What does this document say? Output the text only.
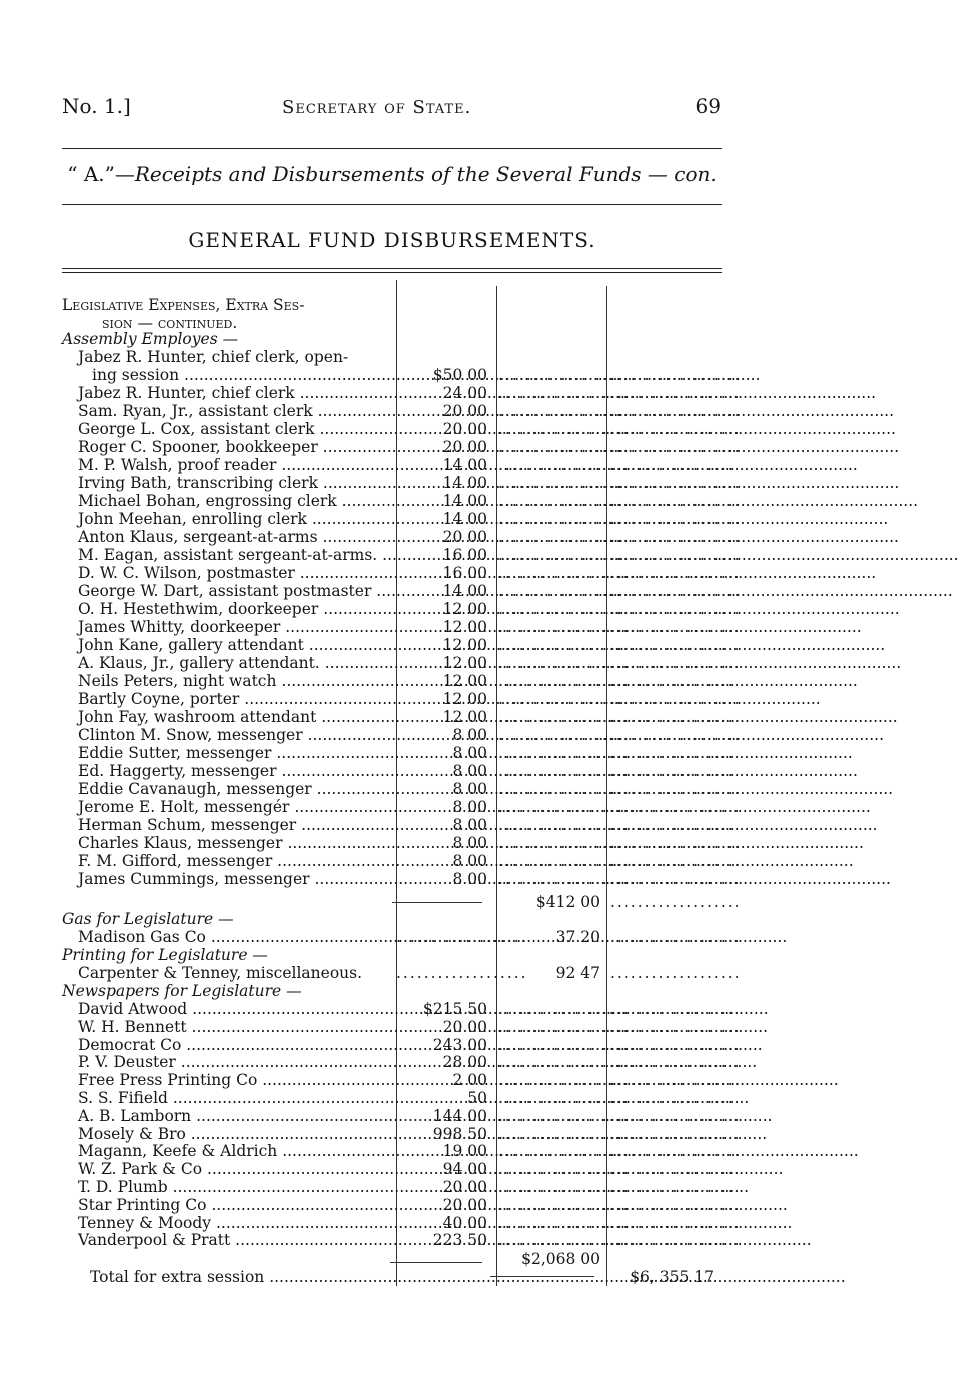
No. 1.]	Secretary of State.	69
“ A.”—Receipts and Disbursements of the Several Funds — con.
GENERAL FUND DISBURSEMENTS.
Legislative Expenses, Extra Ses-
sion — continued.
Assembly Employes —
Jabez R. Hunter, chief clerk, open-
ing session .....	$50 00 ...................
...................
Jabez R. Hunter, chief clerk .....	24 00 ...................
...................
Sam. Ryan, Jr., assistant clerk .....	20 00 ...................
...................
George L. Cox, assistant clerk .....	20 00 ...................
...................
Roger C. Spooner, bookkeeper .....	20 00 ...................
...................
M. P. Walsh, proof reader .....	14 00 ...................
...................
Irving Bath, transcribing clerk .....	14 00 ...................
...................
Michael Bohan, engrossing clerk .....	14 00 ...................
...................
John Meehan, enrolling clerk .....	14 00 ...................
...................
Anton Klaus, sergeant-at-arms .....	20 00 ...................
...................
M. Eagan, assistant sergeant-at-arms. .....	16 00 ...................
...................
D. W. C. Wilson, postmaster .....	16 00 ...................
...................
George W. Dart, assistant postmaster .....	14 00 ...................
...................
O. H. Hestethwim, doorkeeper .....	12 00 ...................
...................
James Whitty, doorkeeper .....	12 00 ...................
...................
John Kane, gallery attendant .....	12 00 ...................
...................
A. Klaus, Jr., gallery attendant. .....	12 00 ...................
...................
Neils Peters, night watch .....	12 00 ...................
...................
Bartly Coyne, porter .....	12 00 ...................
...................
John Fay, washroom attendant .....	12 00 ...................
...................
Clinton M. Snow, messenger .....	8 00 ...................
...................
Eddie Sutter, messenger .....	8 00 ...................
...................
Ed. Haggerty, messenger .....	8 00 ...................
...................
Eddie Cavanaugh, messenger .....	8 00 ...................
...................
Jerome E. Holt, messengér .....	8 00 ...................
...................
Herman Schum, messenger .....	8 00 ...................
...................
Charles Klaus, messenger .....	8 00 ...................
...................
F. M. Gifford, messenger .....	8 00 ...................
...................
James Cummings, messenger .....	8 00 ...................
...................
$412 00 ...................
Gas for Legislature —
Madison Gas Co .....	...................	37 20 ...................
Printing for Legislature —
Carpenter & Tenney, miscellaneous.	...................	92 47 ...................
Newspapers for Legislature —
David Atwood .....	$215 50 ...................
...................
W. H. Bennett .....	20 00 ...................
...................
Democrat Co .....	243 00 ...................
...................
P. V. Deuster .....	28 00 ...................
...................
Free Press Printing Co .....	2 00 ...................
...................
S. S. Fifield .....	50 ...................
...................
A. B. Lamborn .....	144 00 ...................
...................
Mosely & Bro .....	998 50 ...................
...................
Magann, Keefe & Aldrich .....	19 00 ...................
...................
W. Z. Park & Co .....	94 00 ...................
...................
T. D. Plumb .....	20 00 ...................
...................
Star Printing Co .....	20 00 ...................
...................
Tenney & Moody .....	40 00 ...................
...................
Vanderpool & Pratt .....	223 50 ...................
...................
$2,068 00
Total for extra session .....	$6, 355 17
